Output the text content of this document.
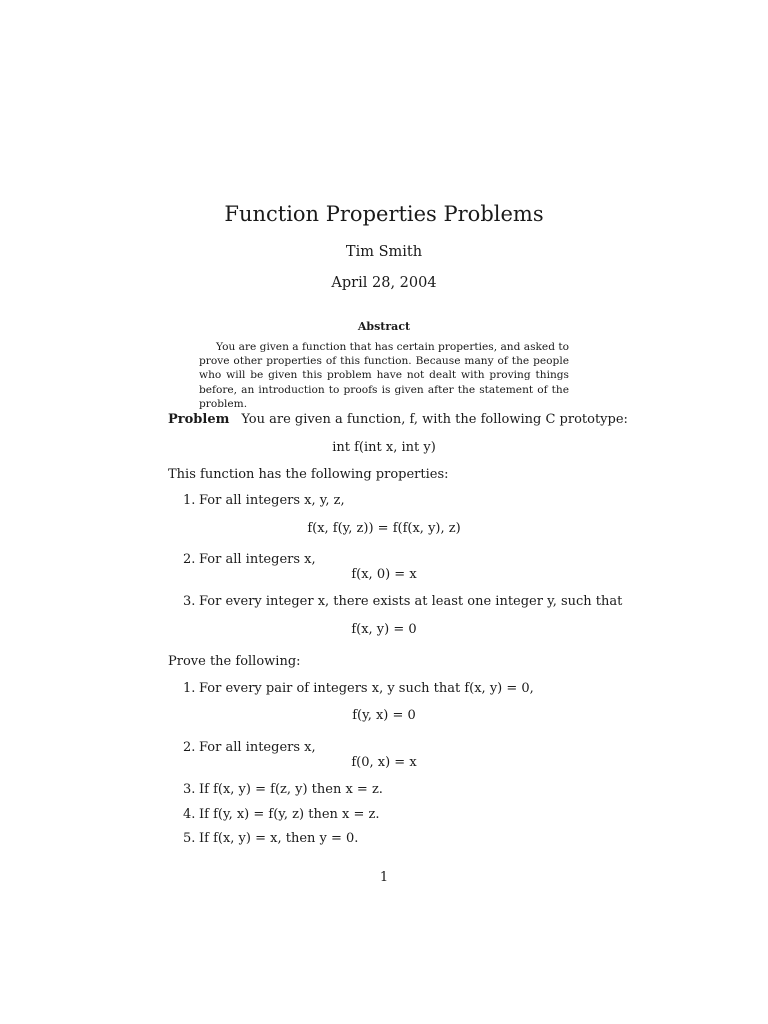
Function Properties Problems
Tim Smith
April 28, 2004
Abstract
You are given a function that has certain properties, and asked to prove other properties of this function. Because many of the people who will be given this problem have not dealt with proving things before, an introduction to proofs is given after the statement of the problem.
Problem You are given a function, f, with the following C prototype:
int f(int x, int y)
This function has the following properties:
1. For all integers x, y, z,
f(x, f(y, z)) = f(f(x, y), z)
2. For all integers x,
f(x, 0) = x
3. For every integer x, there exists at least one integer y, such that
f(x, y) = 0
Prove the following:
1. For every pair of integers x, y such that f(x, y) = 0,
f(y, x) = 0
2. For all integers x,
f(0, x) = x
3. If f(x, y) = f(z, y) then x = z.
4. If f(y, x) = f(y, z) then x = z.
5. If f(x, y) = x, then y = 0.
1
